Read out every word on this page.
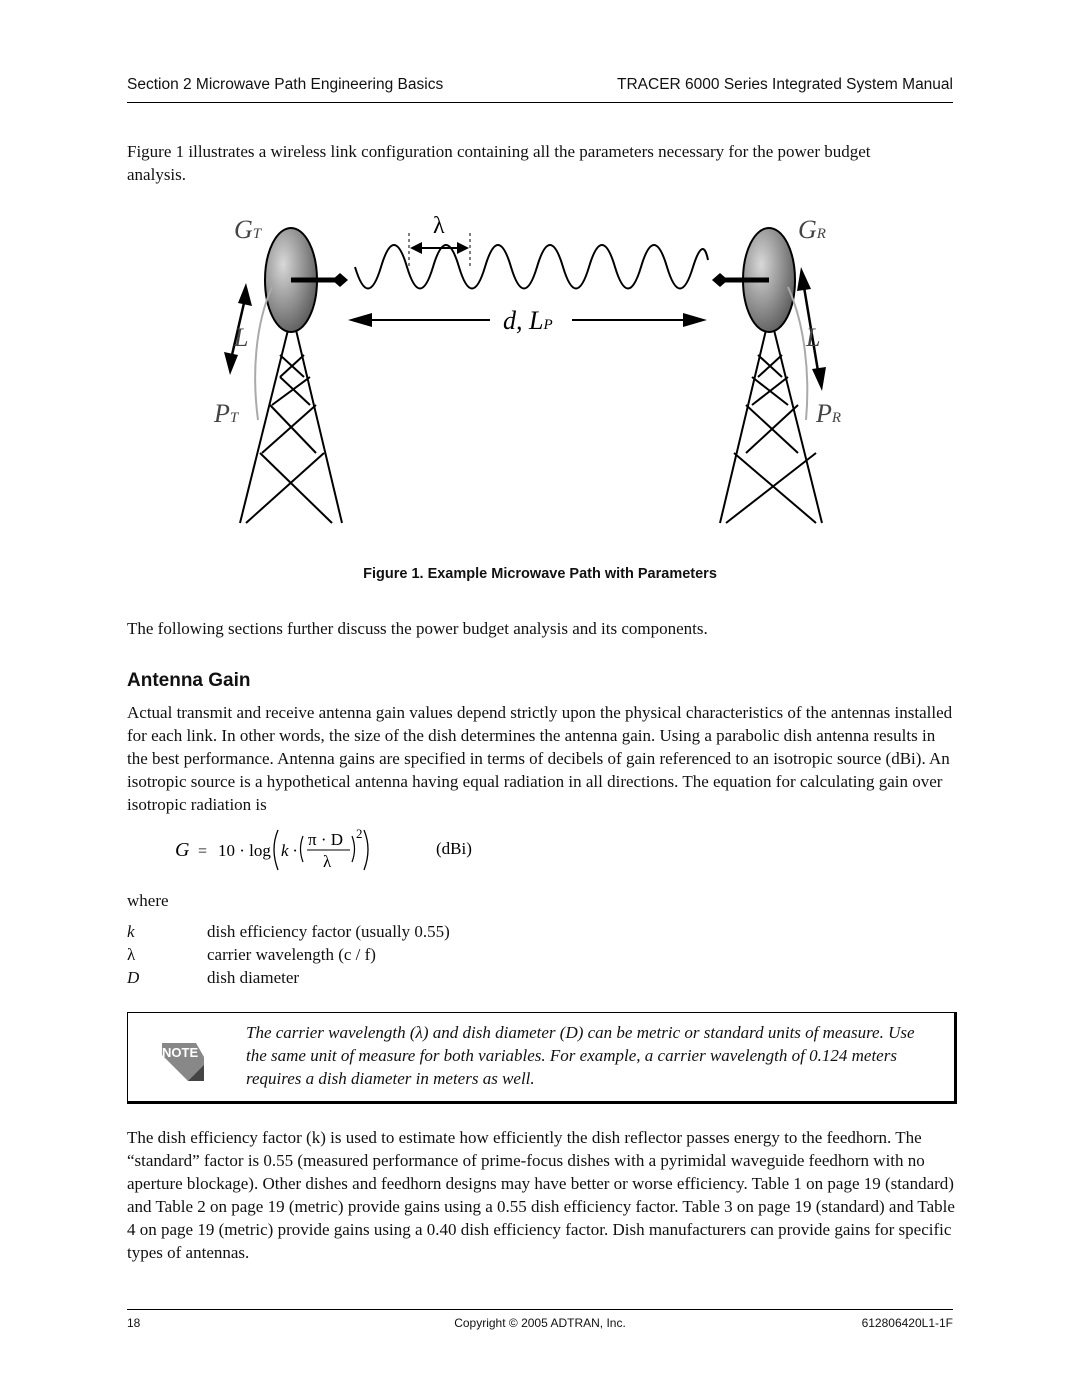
Section 2 Microwave Path Engineering Basics	TRACER 6000 Series Integrated System Manual
Figure 1 illustrates a wireless link configuration containing all the parameters necessary for the power budget analysis.
GT	λ	GR
d, LP
L	L
PT	PR
Figure 1. Example Microwave Path with Parameters
The following sections further discuss the power budget analysis and its components.
Antenna Gain
Actual transmit and receive antenna gain values depend strictly upon the physical characteristics of the antennas installed for each link. In other words, the size of the dish determines the antenna gain. Using a parabolic dish antenna results in the best performance. Antenna gains are specified in terms of decibels of gain referenced to an isotropic source (dBi). An isotropic source is a hypothetical antenna having equal radiation in all directions. The equation for calculating gain over isotropic radiation is
G = 10 · log k ·
π · D
λ
2
(dBi)
where
k	dish efficiency factor (usually 0.55)
λ	carrier wavelength (c / f)
D	dish diameter
NOTE
The carrier wavelength (λ) and dish diameter (D) can be metric or standard units of measure. Use the same unit of measure for both variables. For example, a carrier wavelength of 0.124 meters requires a dish diameter in meters as well.
The dish efficiency factor (k) is used to estimate how efficiently the dish reflector passes energy to the feedhorn. The “standard” factor is 0.55 (measured performance of prime-focus dishes with a pyrimidal waveguide feedhorn with no aperture blockage). Other dishes and feedhorn designs may have better or worse efficiency. Table 1 on page 19 (standard) and Table 2 on page 19 (metric) provide gains using a 0.55 dish efficiency factor. Table 3 on page 19 (standard) and Table 4 on page 19 (metric) provide gains using a 0.40 dish efficiency factor. Dish manufacturers can provide gains for specific types of antennas.
18	Copyright © 2005 ADTRAN, Inc.	612806420L1-1F
